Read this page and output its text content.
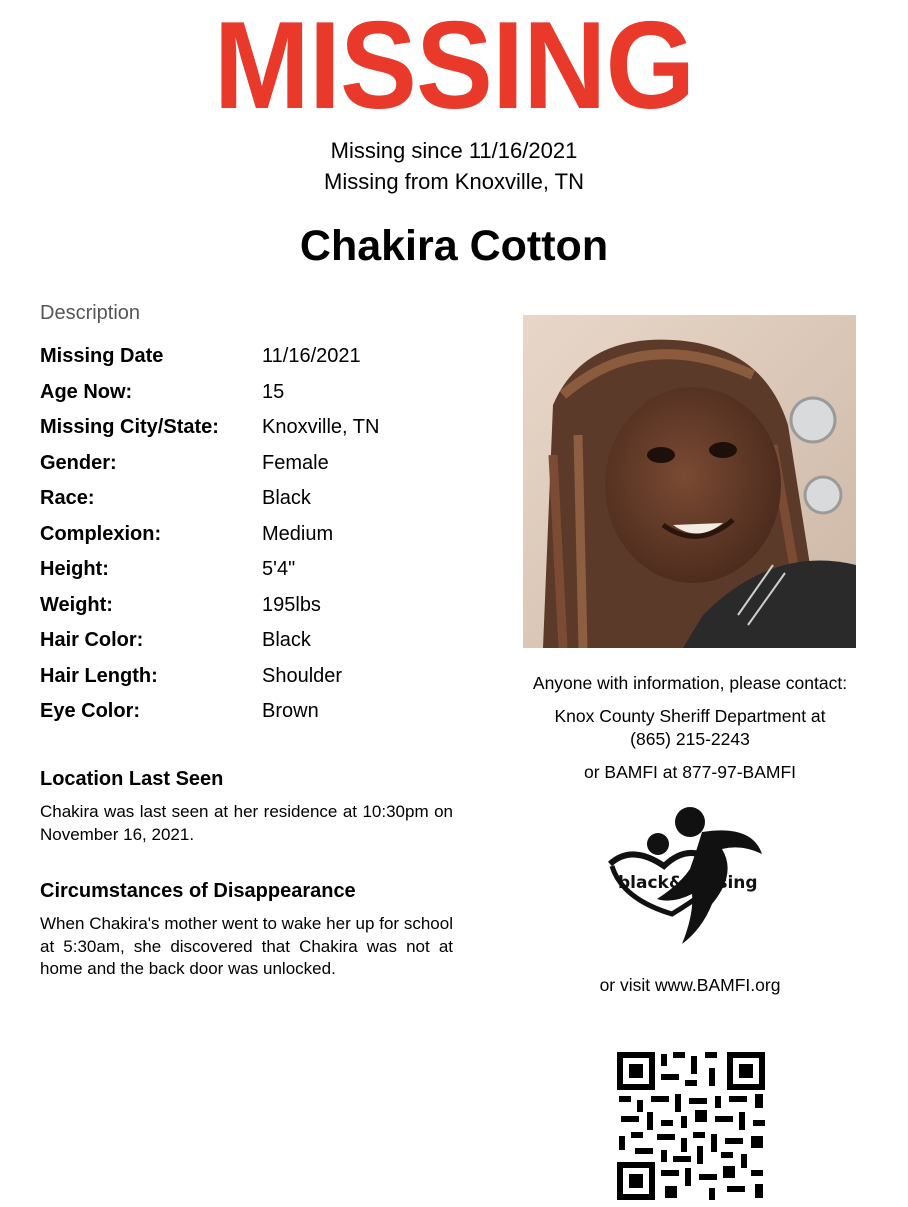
MISSING
Missing since 11/16/2021
Missing from Knoxville, TN
Chakira Cotton
Description
Missing Date	11/16/2021
Age Now:	15
Missing City/State: Knoxville, TN
Gender:	Female
Race:	Black
Complexion:	Medium
Height:	5'4"
Weight:	195lbs
Hair Color:	Black
Hair Length:	Shoulder
Eye Color:	Brown
Location Last Seen
Chakira was last seen at her residence at 10:30pm on November 16, 2021.
Circumstances of Disappearance
When Chakira's mother went to wake her up for school at 5:30am, she discovered that Chakira was not at home and the back door was unlocked.
Anyone with information, please contact:
Knox County Sheriff Department at
(865) 215-2243
or BAMFI at 877-97-BAMFI
black&missing
or visit www.BAMFI.org
